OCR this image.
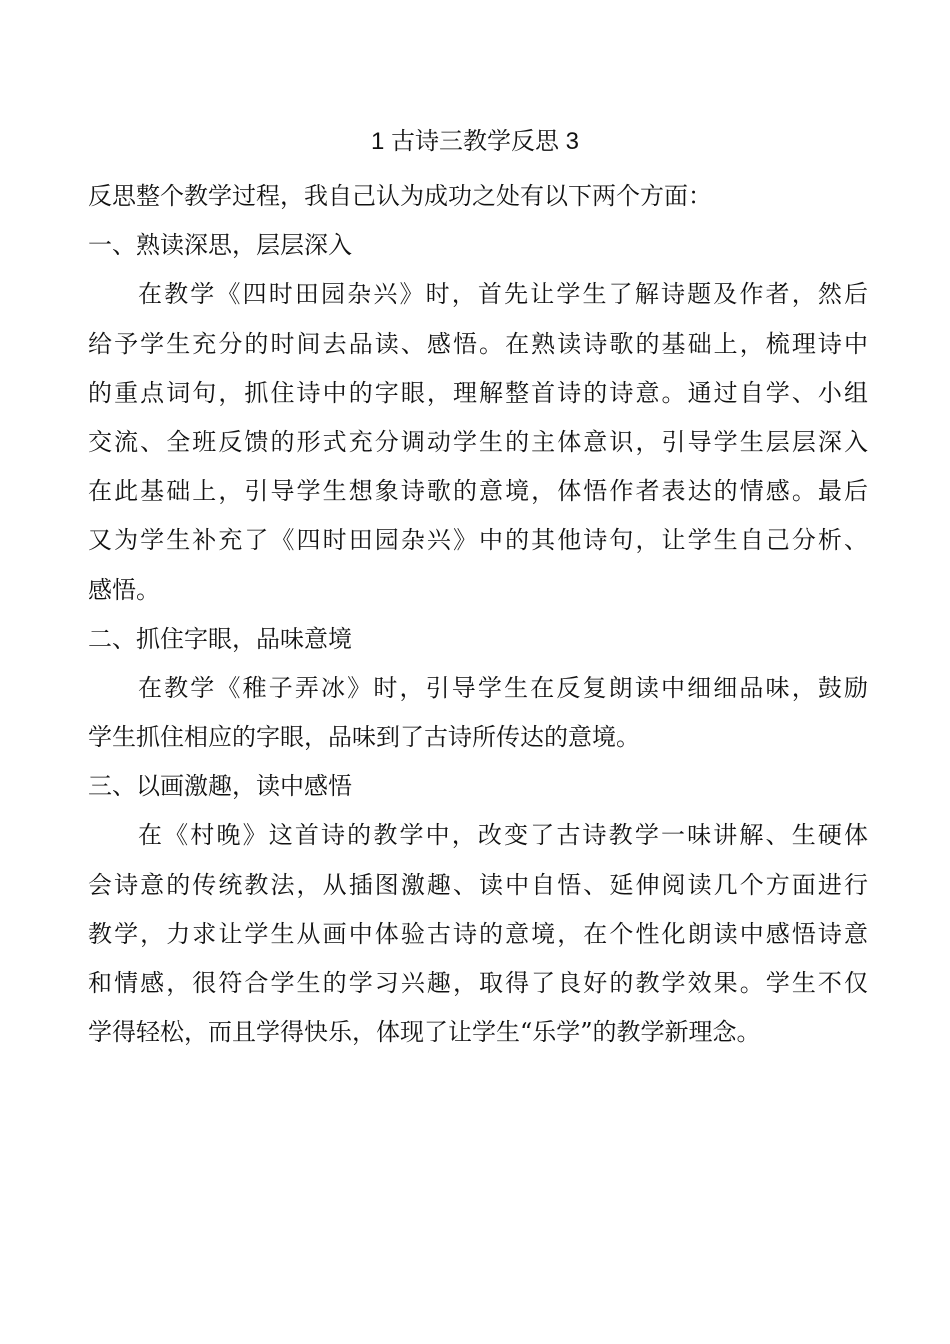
1 古诗三教学反思 3
反思整个教学过程，我自己认为成功之处有以下两个方面：
一、熟读深思，层层深入
在教学《四时田园杂兴》时，首先让学生了解诗题及作者，然后
给予学生充分的时间去品读、感悟。在熟读诗歌的基础上，梳理诗中
的重点词句，抓住诗中的字眼，理解整首诗的诗意。通过自学、小组
交流、全班反馈的形式充分调动学生的主体意识，引导学生层层深入
在此基础上，引导学生想象诗歌的意境，体悟作者表达的情感。最后
又为学生补充了《四时田园杂兴》中的其他诗句，让学生自己分析、
感悟。
二、抓住字眼，品味意境
在教学《稚子弄冰》时，引导学生在反复朗读中细细品味，鼓励
学生抓住相应的字眼，品味到了古诗所传达的意境。
三、以画激趣，读中感悟
在《村晚》这首诗的教学中，改变了古诗教学一味讲解、生硬体
会诗意的传统教法，从插图激趣、读中自悟、延伸阅读几个方面进行
教学，力求让学生从画中体验古诗的意境，在个性化朗读中感悟诗意
和情感，很符合学生的学习兴趣，取得了良好的教学效果。学生不仅
学得轻松，而且学得快乐，体现了让学生“乐学”的教学新理念。
